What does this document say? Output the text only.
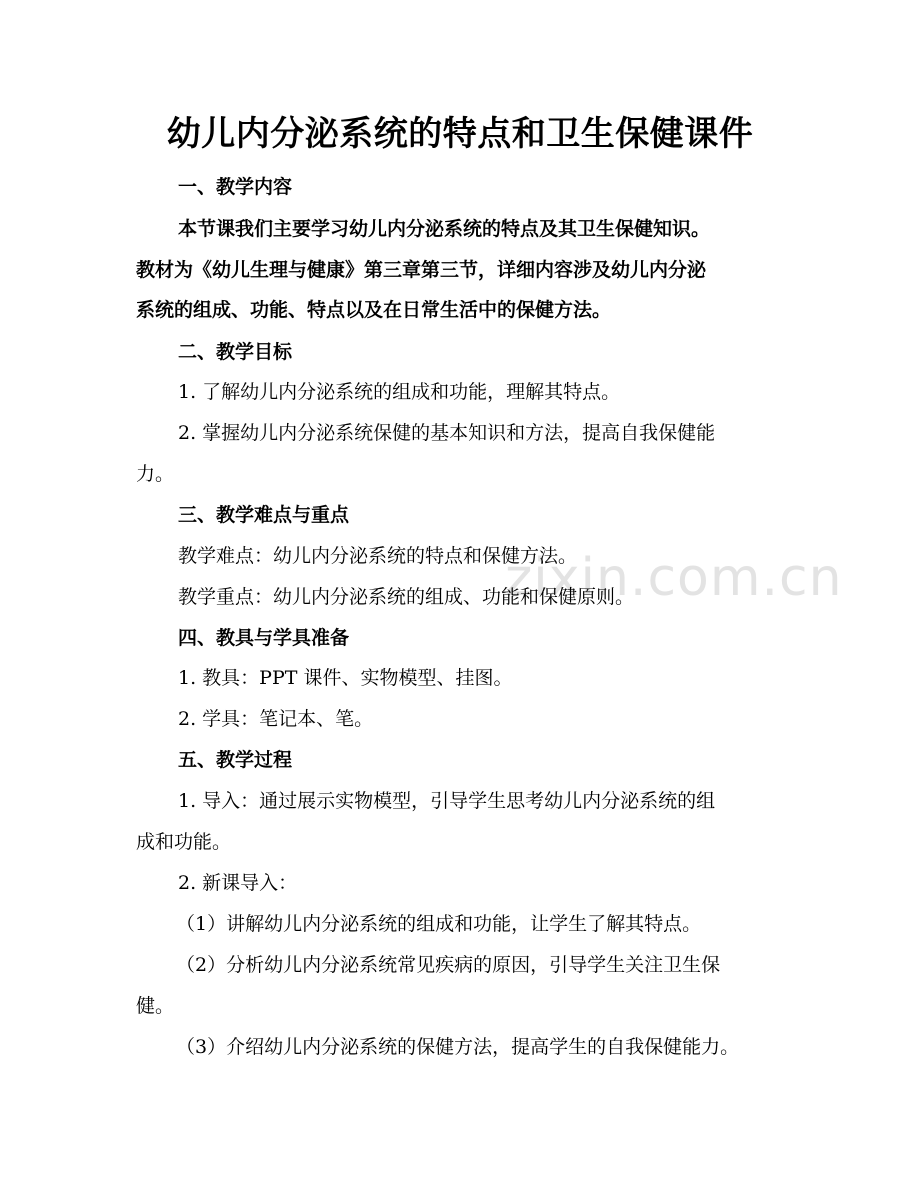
zixin.com.cn
幼儿内分泌系统的特点和卫生保健课件
一、教学内容
本节课我们主要学习幼儿内分泌系统的特点及其卫生保健知识。
教材为《幼儿生理与健康》第三章第三节，详细内容涉及幼儿内分泌
系统的组成、功能、特点以及在日常生活中的保健方法。
二、教学目标
1. 了解幼儿内分泌系统的组成和功能，理解其特点。
2. 掌握幼儿内分泌系统保健的基本知识和方法，提高自我保健能
力。
三、教学难点与重点
教学难点：幼儿内分泌系统的特点和保健方法。
教学重点：幼儿内分泌系统的组成、功能和保健原则。
四、教具与学具准备
1. 教具：PPT 课件、实物模型、挂图。
2. 学具：笔记本、笔。
五、教学过程
1. 导入：通过展示实物模型，引导学生思考幼儿内分泌系统的组
成和功能。
2. 新课导入：
（1）讲解幼儿内分泌系统的组成和功能，让学生了解其特点。
（2）分析幼儿内分泌系统常见疾病的原因，引导学生关注卫生保
健。
（3）介绍幼儿内分泌系统的保健方法，提高学生的自我保健能力。
